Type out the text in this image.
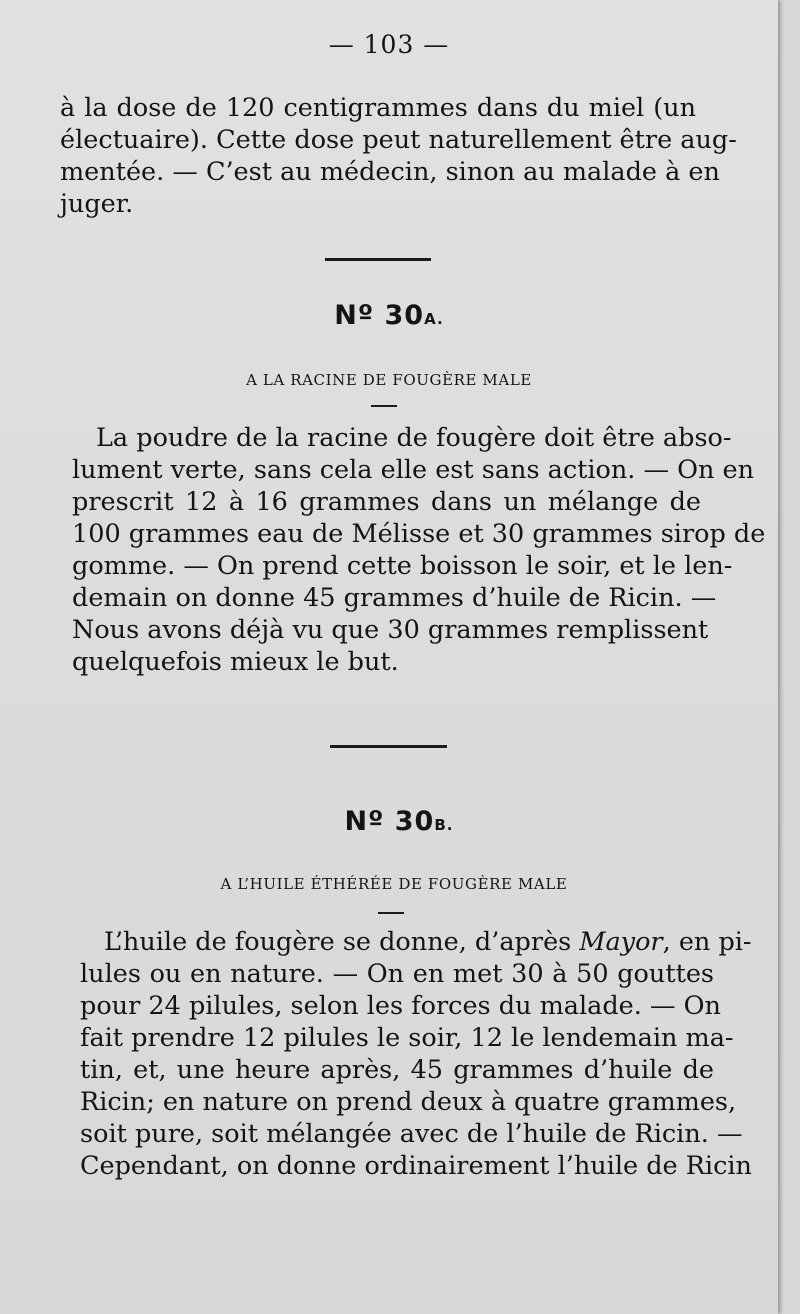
— 103 —
à la dose de 120 centigrammes dans du miel (un
électuaire). Cette dose peut naturellement être aug-
mentée. — C’est au médecin, sinon au malade à en
juger.
Nº 30A.
A LA RACINE DE FOUGÈRE MALE
La poudre de la racine de fougère doit être abso-
lument verte, sans cela elle est sans action. — On en
prescrit 12 à 16 grammes dans un mélange de
100 grammes eau de Mélisse et 30 grammes sirop de
gomme. — On prend cette boisson le soir, et le len-
demain on donne 45 grammes d’huile de Ricin. —
Nous avons déjà vu que 30 grammes remplissent
quelquefois mieux le but.
Nº 30B.
A L’HUILE ÉTHÉRÉE DE FOUGÈRE MALE
L’huile de fougère se donne, d’après Mayor, en pi-
lules ou en nature. — On en met 30 à 50 gouttes
pour 24 pilules, selon les forces du malade. — On
fait prendre 12 pilules le soir, 12 le lendemain ma-
tin, et, une heure après, 45 grammes d’huile de
Ricin; en nature on prend deux à quatre grammes,
soit pure, soit mélangée avec de l’huile de Ricin. —
Cependant, on donne ordinairement l’huile de Ricin
